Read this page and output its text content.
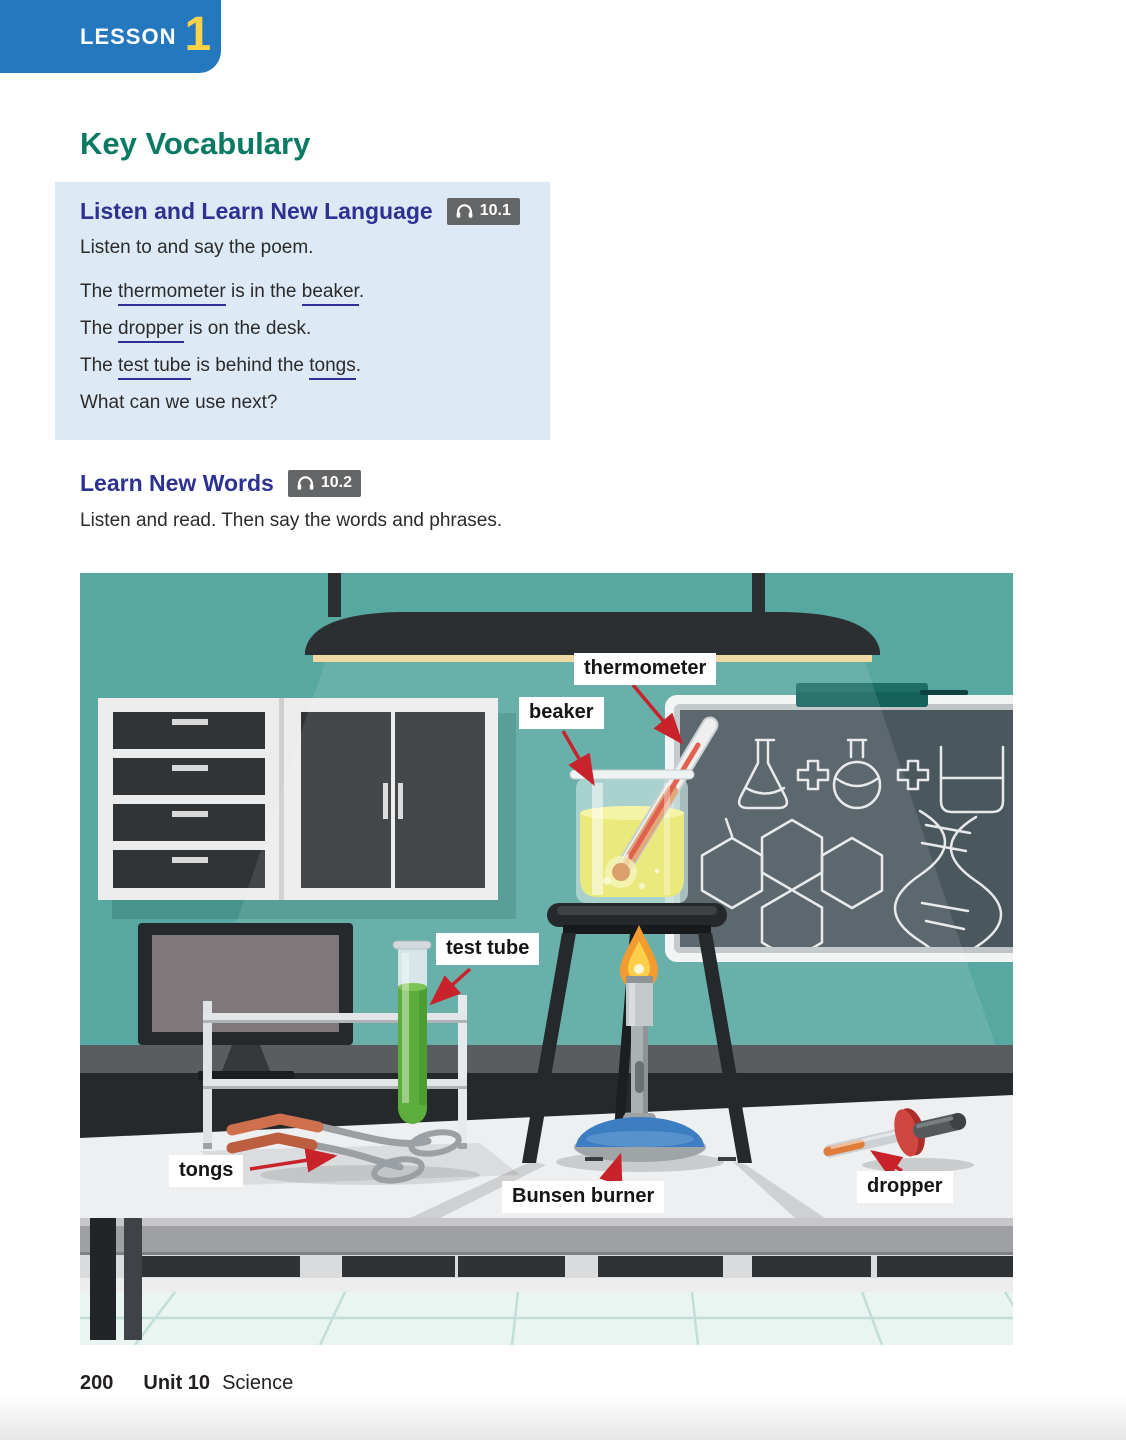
LESSON 1
Key Vocabulary
Listen and Learn New Language	10.1

Listen to and say the poem.

The thermometer is in the beaker.

The dropper is on the desk.

The test tube is behind the tongs.

What can we use next?

Learn New Words	10.2

Listen and read. Then say the words and phrases.

thermometer
beaker
test tube
tongs
Bunsen burner	dropper
200 Unit 10 Science
